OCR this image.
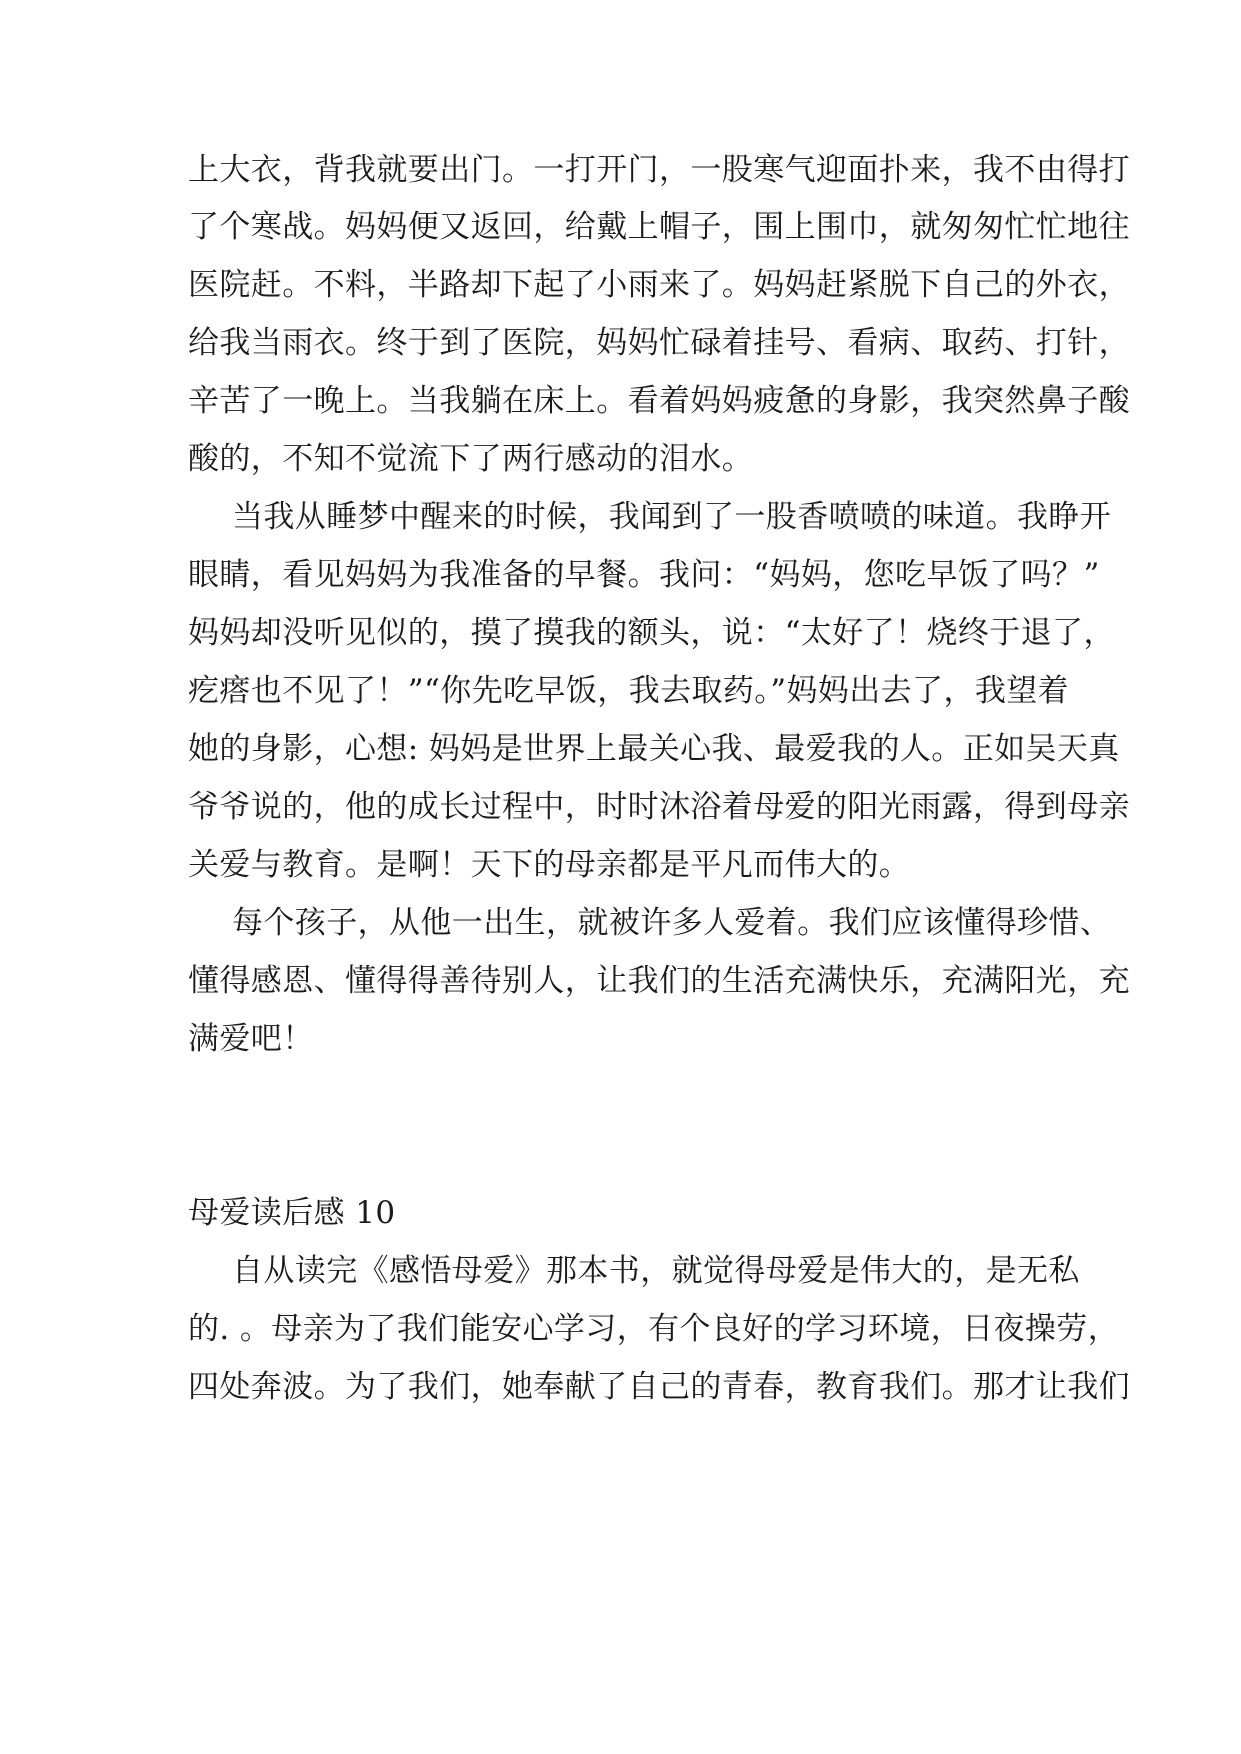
上大衣，背我就要出门。一打开门，一股寒气迎面扑来，我不由得打
了个寒战。妈妈便又返回，给戴上帽子，围上围巾，就匆匆忙忙地往
医院赶。不料，半路却下起了小雨来了。妈妈赶紧脱下自己的外衣，
给我当雨衣。终于到了医院，妈妈忙碌着挂号、看病、取药、打针，
辛苦了一晚上。当我躺在床上。看着妈妈疲惫的身影，我突然鼻子酸
酸的，不知不觉流下了两行感动的泪水。
当我从睡梦中醒来的时候，我闻到了一股香喷喷的味道。我睁开
眼睛，看见妈妈为我准备的早餐。我问：“妈妈，您吃早饭了吗？”
妈妈却没听见似的，摸了摸我的额头，说：“太好了！烧终于退了，
疙瘩也不见了！”“你先吃早饭，我去取药。”妈妈出去了，我望着
她的身影，心想: 妈妈是世界上最关心我、最爱我的人。正如吴天真
爷爷说的，他的成长过程中，时时沐浴着母爱的阳光雨露，得到母亲
关爱与教育。是啊！天下的母亲都是平凡而伟大的。
每个孩子，从他一出生，就被许多人爱着。我们应该懂得珍惜、
懂得感恩、懂得得善待别人，让我们的生活充满快乐，充满阳光，充
满爱吧！
母爱读后感 10
自从读完《感悟母爱》那本书，就觉得母爱是伟大的，是无私
的. 。母亲为了我们能安心学习，有个良好的学习环境，日夜操劳，
四处奔波。为了我们，她奉献了自己的青春，教育我们。那才让我们
